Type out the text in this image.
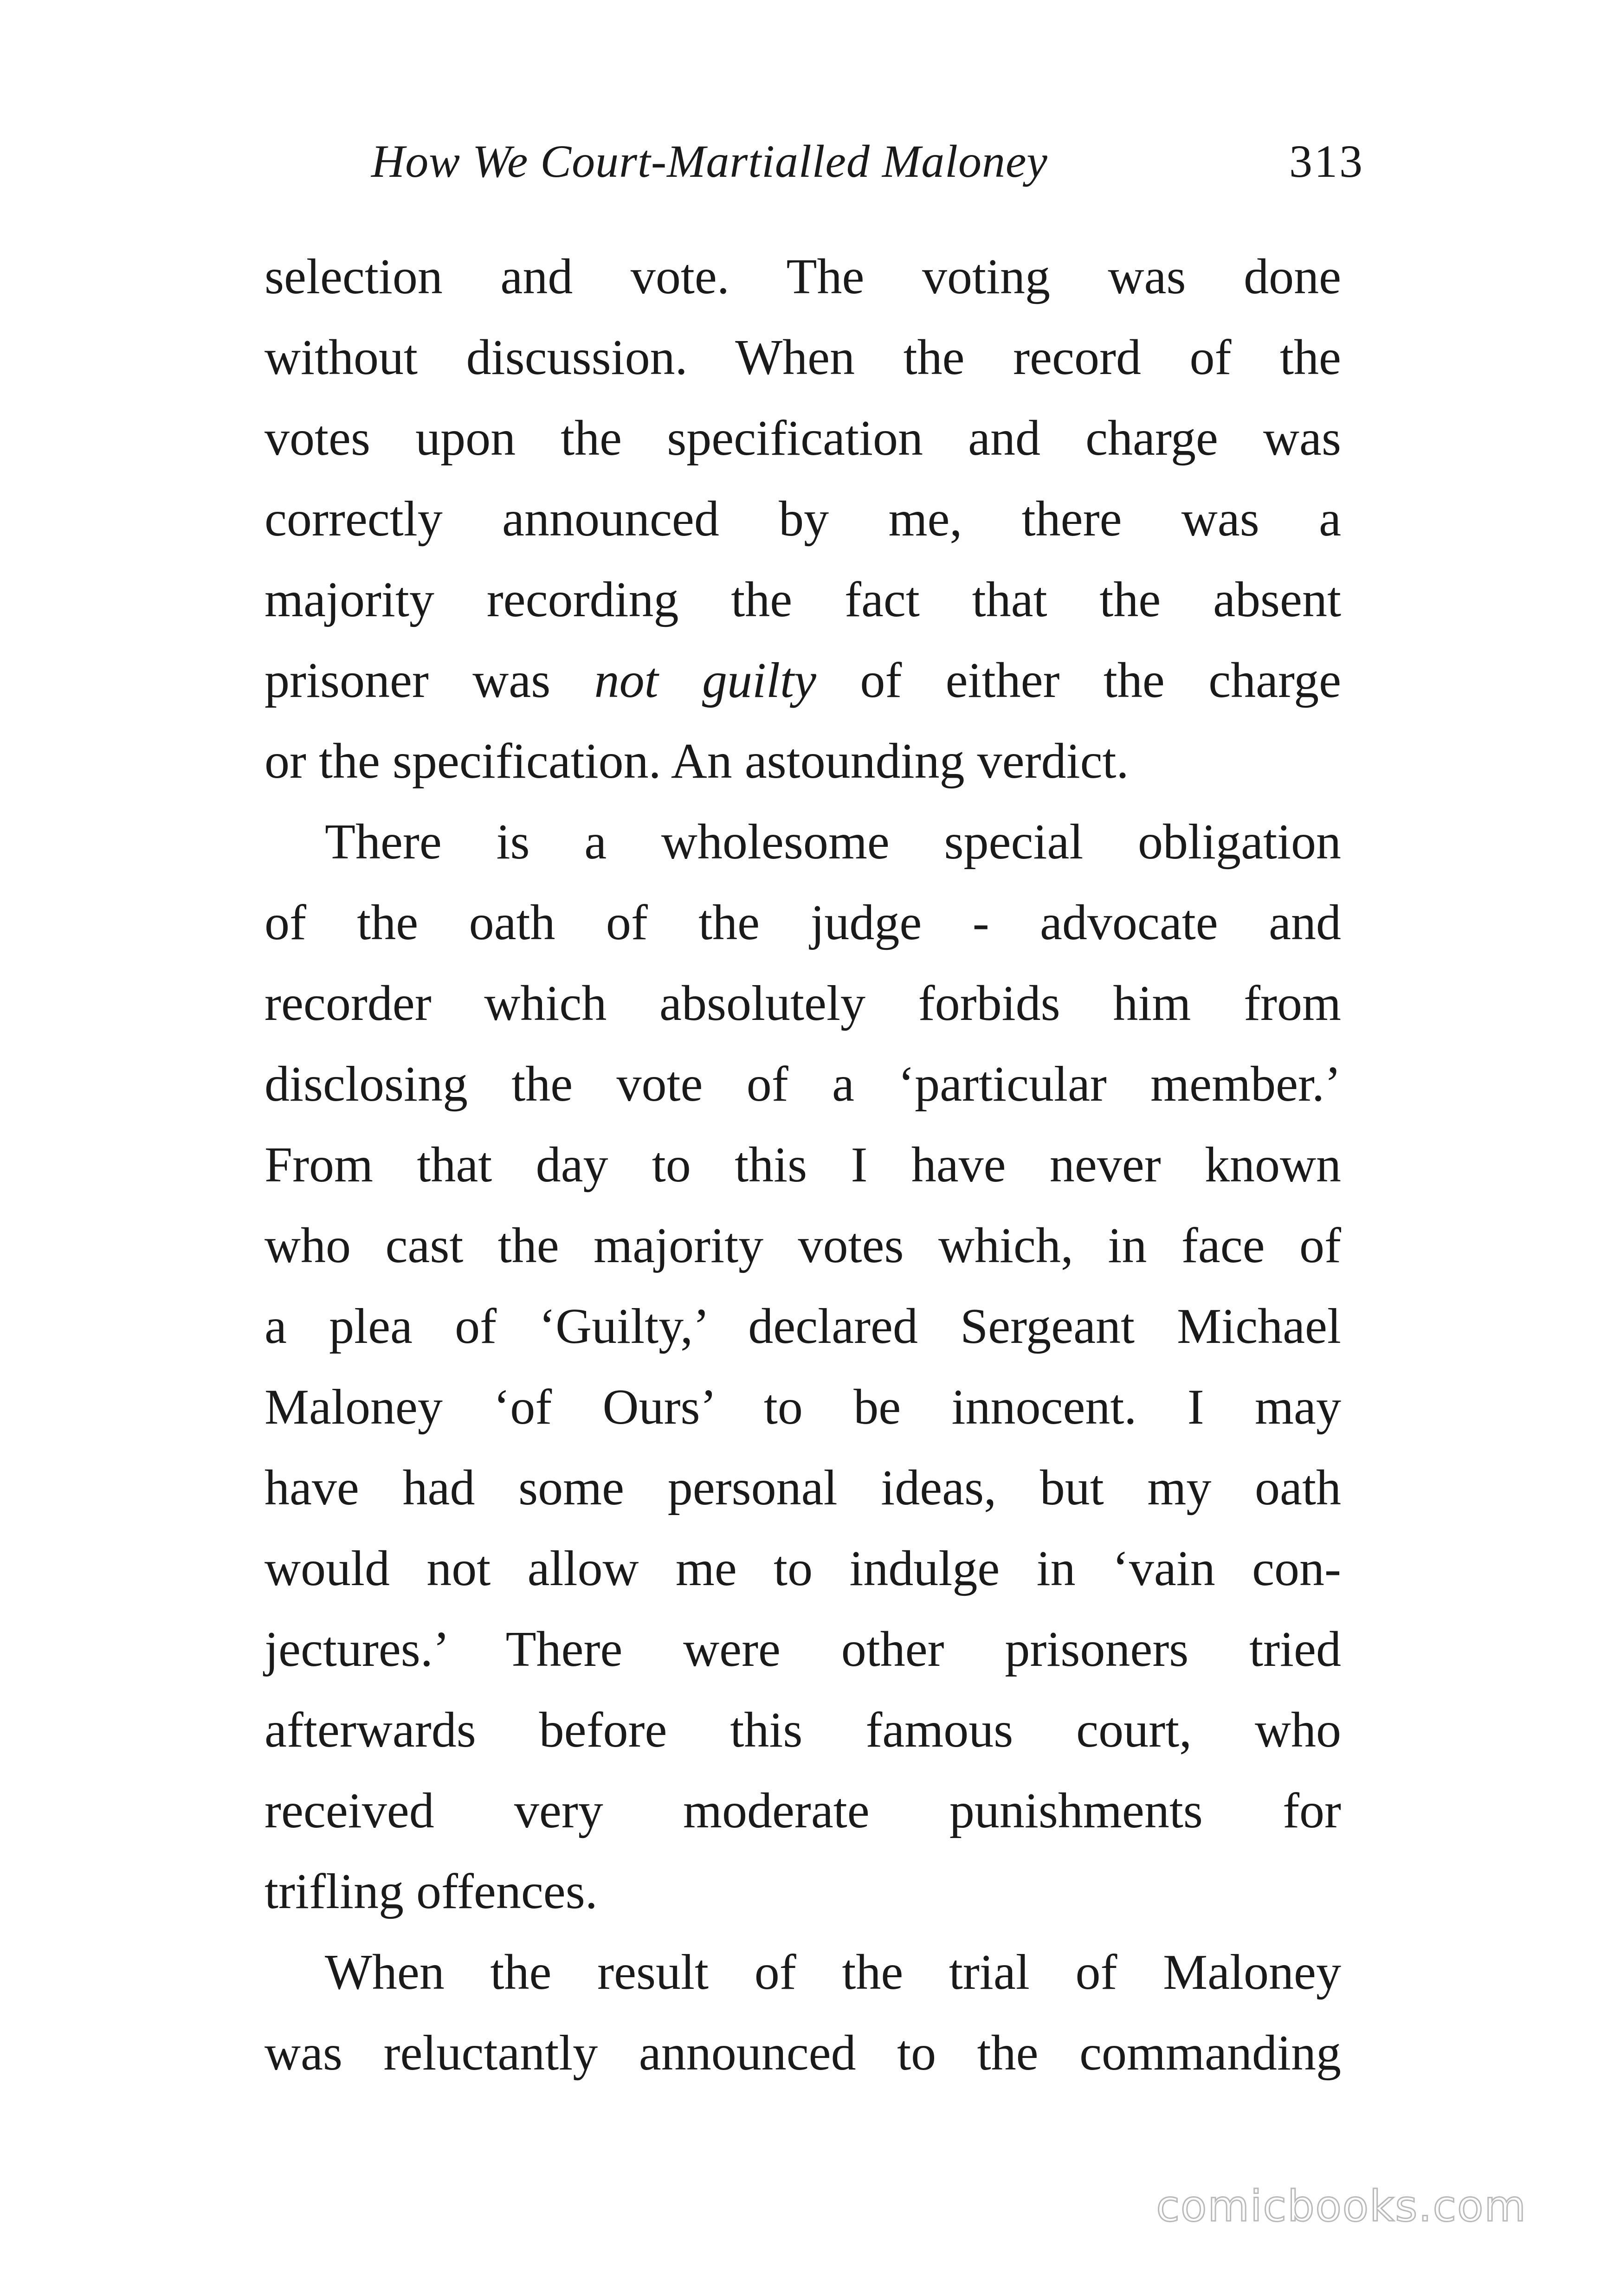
How We Court-Martialled Maloney	313
selection and vote. The voting was done
without discussion. When the record of the
votes upon the specification and charge was
correctly announced by me, there was a
majority recording the fact that the absent
prisoner was not guilty of either the charge
or the specification. An astounding verdict.
There is a wholesome special obligation
of the oath of the judge - advocate and
recorder which absolutely forbids him from
disclosing the vote of a ‘particular member.’
From that day to this I have never known
who cast the majority votes which, in face of
a plea of ‘Guilty,’ declared Sergeant Michael
Maloney ‘of Ours’ to be innocent. I may
have had some personal ideas, but my oath
would not allow me to indulge in ‘vain con-
jectures.’ There were other prisoners tried
afterwards before this famous court, who
received very moderate punishments for
trifling offences.
When the result of the trial of Maloney
was reluctantly announced to the commanding
comicbooks.com
